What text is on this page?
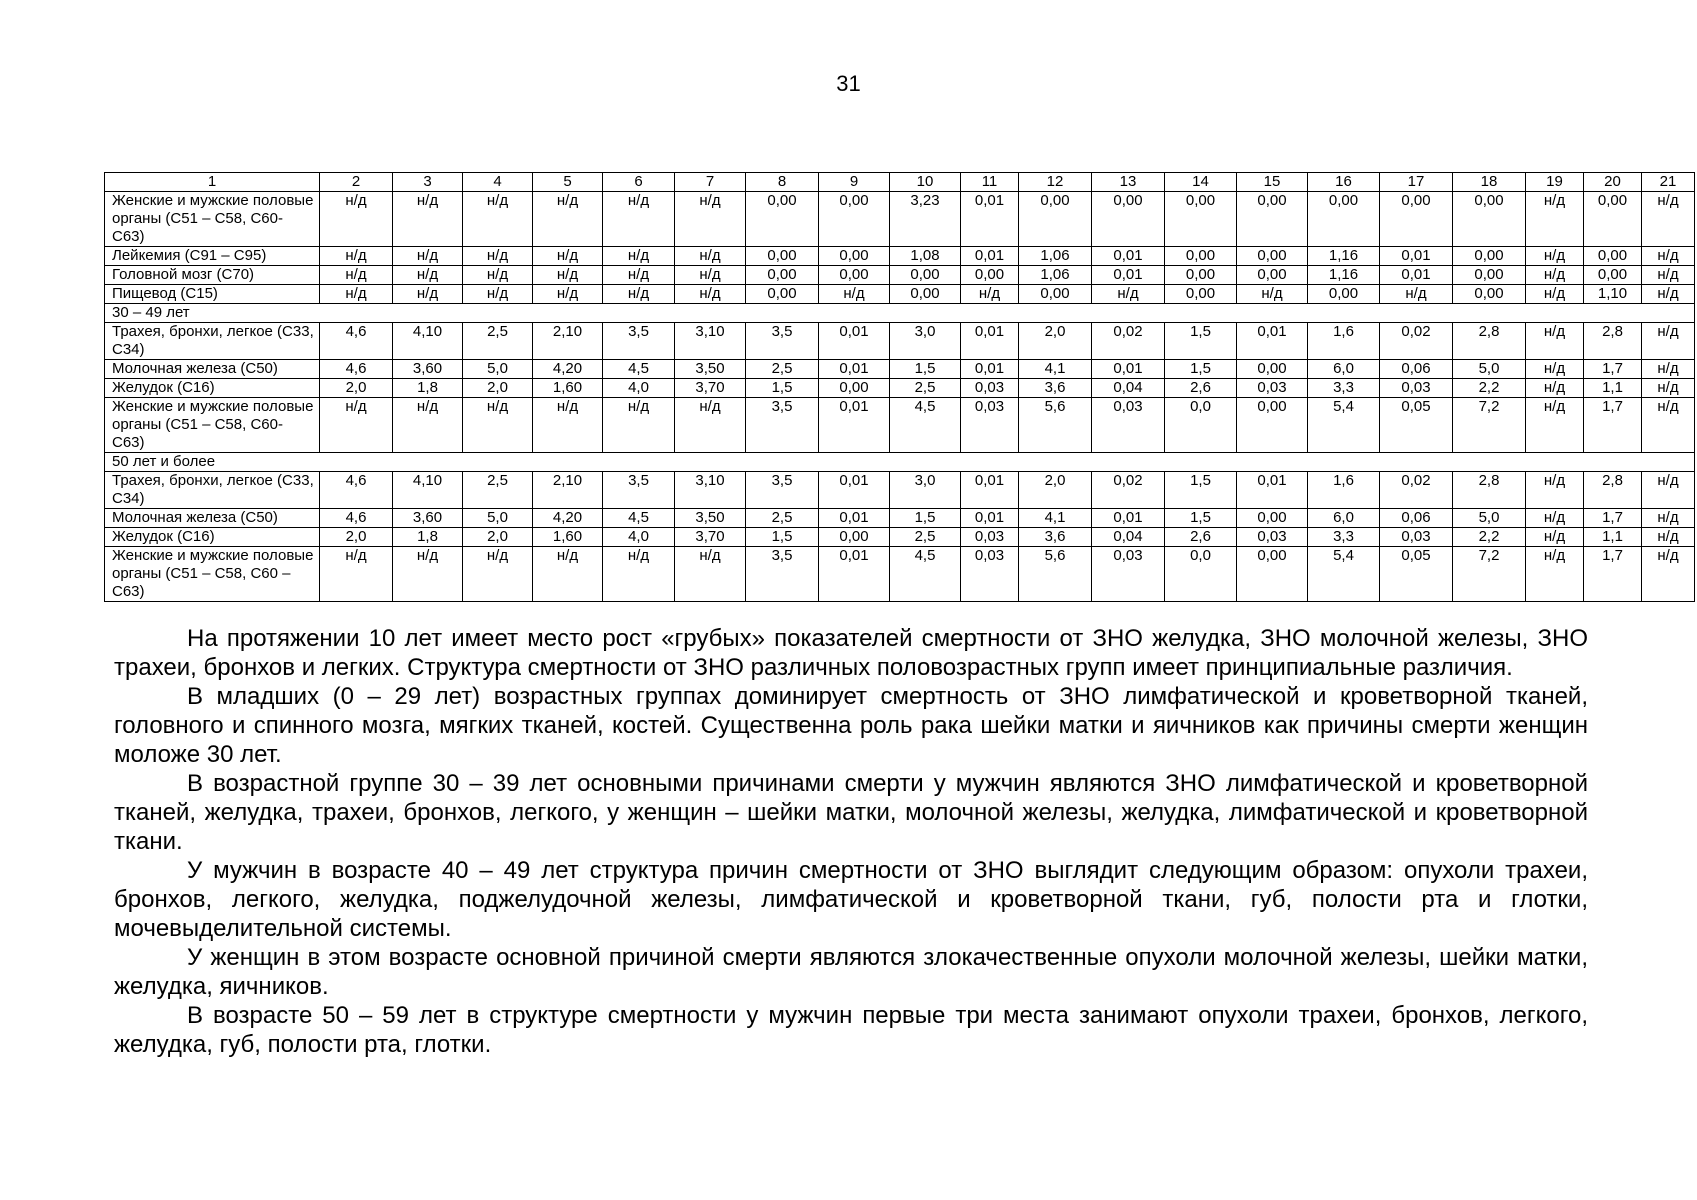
31
1	2	3	4	5	6	7	8	9	10	11	12	13	14	15	16	17	18	19	20	21
Женские и мужские половые органы (С51 – С58, С60-С63)	н/д	н/д	н/д	н/д	н/д	н/д	0,00	0,00	3,23	0,01	0,00	0,00	0,00	0,00	0,00	0,00	0,00	н/д	0,00	н/д
Лейкемия (С91 – С95)	н/д	н/д	н/д	н/д	н/д	н/д	0,00	0,00	1,08	0,01	1,06	0,01	0,00	0,00	1,16	0,01	0,00	н/д	0,00	н/д
Головной мозг (С70)	н/д	н/д	н/д	н/д	н/д	н/д	0,00	0,00	0,00	0,00	1,06	0,01	0,00	0,00	1,16	0,01	0,00	н/д	0,00	н/д
Пищевод (С15)	н/д	н/д	н/д	н/д	н/д	н/д	0,00	н/д	0,00	н/д	0,00	н/д	0,00	н/д	0,00	н/д	0,00	н/д	1,10	н/д
30 – 49 лет																				
Трахея, бронхи, легкое (С33, С34)	4,6	4,10	2,5	2,10	3,5	3,10	3,5	0,01	3,0	0,01	2,0	0,02	1,5	0,01	1,6	0,02	2,8	н/д	2,8	н/д
Молочная железа (С50)	4,6	3,60	5,0	4,20	4,5	3,50	2,5	0,01	1,5	0,01	4,1	0,01	1,5	0,00	6,0	0,06	5,0	н/д	1,7	н/д
Желудок (С16)	2,0	1,8	2,0	1,60	4,0	3,70	1,5	0,00	2,5	0,03	3,6	0,04	2,6	0,03	3,3	0,03	2,2	н/д	1,1	н/д
Женские и мужские половые органы (С51 – С58, С60-С63)	н/д	н/д	н/д	н/д	н/д	н/д	3,5	0,01	4,5	0,03	5,6	0,03	0,0	0,00	5,4	0,05	7,2	н/д	1,7	н/д
50 лет и более																				
Трахея, бронхи, легкое (С33, С34)	4,6	4,10	2,5	2,10	3,5	3,10	3,5	0,01	3,0	0,01	2,0	0,02	1,5	0,01	1,6	0,02	2,8	н/д	2,8	н/д
Молочная железа (С50)	4,6	3,60	5,0	4,20	4,5	3,50	2,5	0,01	1,5	0,01	4,1	0,01	1,5	0,00	6,0	0,06	5,0	н/д	1,7	н/д
Желудок (С16)	2,0	1,8	2,0	1,60	4,0	3,70	1,5	0,00	2,5	0,03	3,6	0,04	2,6	0,03	3,3	0,03	2,2	н/д	1,1	н/д
Женские и мужские половые органы (С51 – С58, С60 – С63)	н/д	н/д	н/д	н/д	н/д	н/д	3,5	0,01	4,5	0,03	5,6	0,03	0,0	0,00	5,4	0,05	7,2	н/д	1,7	н/д

На протяжении 10 лет имеет место рост «грубых» показателей смертности от ЗНО желудка, ЗНО молочной железы, ЗНО трахеи, бронхов и легких. Структура смертности от ЗНО различных половозрастных групп имеет принципиальные различия.

В младших (0 – 29 лет) возрастных группах доминирует смертность от ЗНО лимфатической и кроветворной тканей, головного и спинного мозга, мягких тканей, костей. Существенна роль рака шейки матки и яичников как причины смерти женщин моложе 30 лет.

В возрастной группе 30 – 39 лет основными причинами смерти у мужчин являются ЗНО лимфатической и кроветворной тканей, желудка, трахеи, бронхов, легкого, у женщин – шейки матки, молочной железы, желудка, лимфатической и кроветворной ткани.

У мужчин в возрасте 40 – 49 лет структура причин смертности от ЗНО выглядит следующим образом: опухоли трахеи, бронхов, легкого, желудка, поджелудочной железы, лимфатической и кроветворной ткани, губ, полости рта и глотки, мочевыделительной системы.

У женщин в этом возрасте основной причиной смерти являются злокачественные опухоли молочной железы, шейки матки, желудка, яичников.

В возрасте 50 – 59 лет в структуре смертности у мужчин первые три места занимают опухоли трахеи, бронхов, легкого, желудка, губ, полости рта, глотки.
